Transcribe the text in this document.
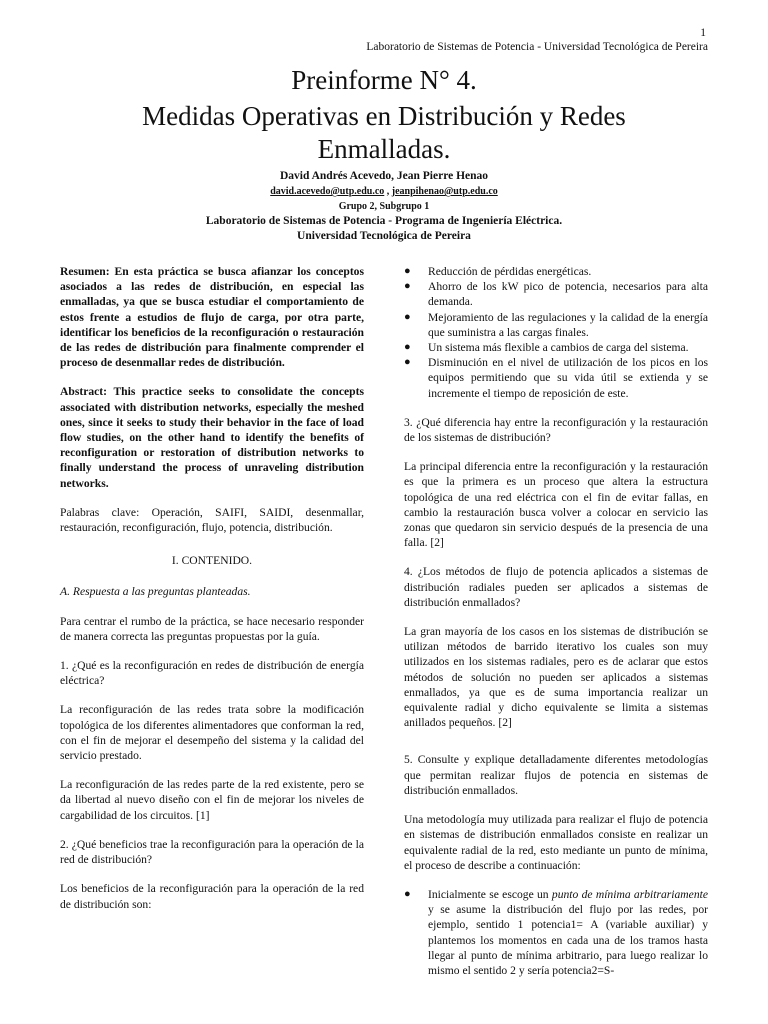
1
Laboratorio de Sistemas de Potencia - Universidad Tecnológica de Pereira
Preinforme N° 4.
Medidas Operativas en Distribución y Redes Enmalladas.
David Andrés Acevedo, Jean Pierre Henao
david.acevedo@utp.edu.co , jeanpihenao@utp.edu.co
Grupo 2, Subgrupo 1
Laboratorio de Sistemas de Potencia - Programa de Ingeniería Eléctrica.
Universidad Tecnológica de Pereira

Resumen: En esta práctica se busca afianzar los conceptos asociados a las redes de distribución, en especial las enmalladas, ya que se busca estudiar el comportamiento de estos frente a estudios de flujo de carga, por otra parte, identificar los beneficios de la reconfiguración o restauración de las redes de distribución para finalmente comprender el proceso de desenmallar redes de distribución.

Abstract: This practice seeks to consolidate the concepts associated with distribution networks, especially the meshed ones, since it seeks to study their behavior in the face of load flow studies, on the other hand to identify the benefits of reconfiguration or restoration of distribution networks to finally understand the process of unraveling distribution networks.

Palabras clave: Operación, SAIFI, SAIDI, desenmallar, restauración, reconfiguración, flujo, potencia, distribución.

I. CONTENIDO.
A. Respuesta a las preguntas planteadas.

Para centrar el rumbo de la práctica, se hace necesario responder de manera correcta las preguntas propuestas por la guía.

1. ¿Qué es la reconfiguración en redes de distribución de energía eléctrica?

La reconfiguración de las redes trata sobre la modificación topológica de los diferentes alimentadores que conforman la red, con el fin de mejorar el desempeño del sistema y la calidad del servicio prestado.

La reconfiguración de las redes parte de la red existente, pero se da libertad al nuevo diseño con el fin de mejorar los niveles de cargabilidad de los circuitos. [1]

2. ¿Qué beneficios trae la reconfiguración para la operación de la red de distribución?

Los beneficios de la reconfiguración para la operación de la red de distribución son:

● Reducción de pérdidas energéticas.
● Ahorro de los kW pico de potencia, necesarios para alta demanda.
● Mejoramiento de las regulaciones y la calidad de la energía que suministra a las cargas finales.
● Un sistema más flexible a cambios de carga del sistema.
● Disminución en el nivel de utilización de los picos en los equipos permitiendo que su vida útil se extienda y se incremente el tiempo de reposición de este.

3. ¿Qué diferencia hay entre la reconfiguración y la restauración de los sistemas de distribución?

La principal diferencia entre la reconfiguración y la restauración es que la primera es un proceso que altera la estructura topológica de una red eléctrica con el fin de evitar fallas, en cambio la restauración busca volver a colocar en servicio las zonas que quedaron sin servicio después de la presencia de una falla. [2]

4. ¿Los métodos de flujo de potencia aplicados a sistemas de distribución radiales pueden ser aplicados a sistemas de distribución enmallados?

La gran mayoría de los casos en los sistemas de distribución se utilizan métodos de barrido iterativo los cuales son muy utilizados en los sistemas radiales, pero es de aclarar que estos métodos de solución no pueden ser aplicados a sistemas enmallados, ya que es de suma importancia realizar un equivalente radial y dicho equivalente se limita a sistemas anillados pequeños. [2]

5. Consulte y explique detalladamente diferentes metodologías que permitan realizar flujos de potencia en sistemas de distribución enmallados.

Una metodología muy utilizada para realizar el flujo de potencia en sistemas de distribución enmallados consiste en realizar un equivalente radial de la red, esto mediante un punto de mínima, el proceso de describe a continuación:

● Inicialmente se escoge un punto de mínima arbitrariamente y se asume la distribución del flujo por las redes, por ejemplo, sentido 1 potencia1= A (variable auxiliar) y plantemos los momentos en cada una de los tramos hasta llegar al punto de mínima arbitrario, para luego realizar lo mismo el sentido 2 y sería potencia2=S-
